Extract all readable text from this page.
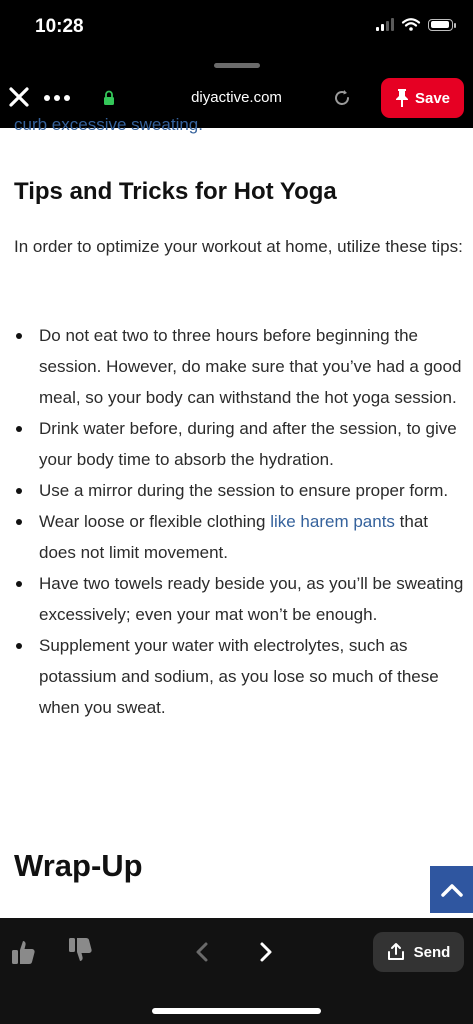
10:28
diyactive.com	Save
curb excessive sweating.
Tips and Tricks for Hot Yoga

In order to optimize your workout at home, utilize these tips:

Do not eat two to three hours before beginning the session. However, do make sure that you’ve had a good meal, so your body can withstand the hot yoga session.
Drink water before, during and after the session, to give your body time to absorb the hydration.
Use a mirror during the session to ensure proper form.
Wear loose or flexible clothing like harem pants that does not limit movement.
Have two towels ready beside you, as you’ll be sweating excessively; even your mat won’t be enough.
Supplement your water with electrolytes, such as potassium and sodium, as you lose so much of these when you sweat.
Wrap-Up
Send
